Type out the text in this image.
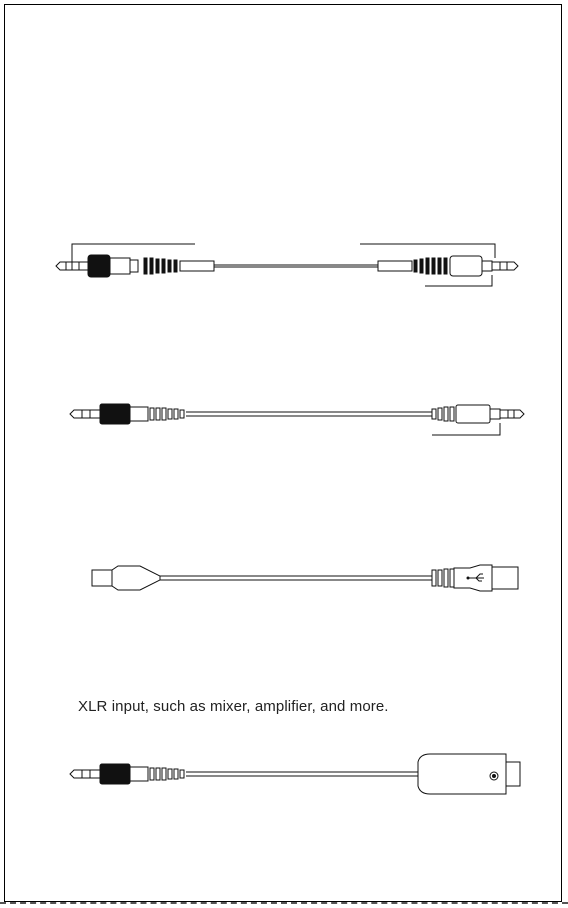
XLR input, such as mixer, amplifier, and more.
